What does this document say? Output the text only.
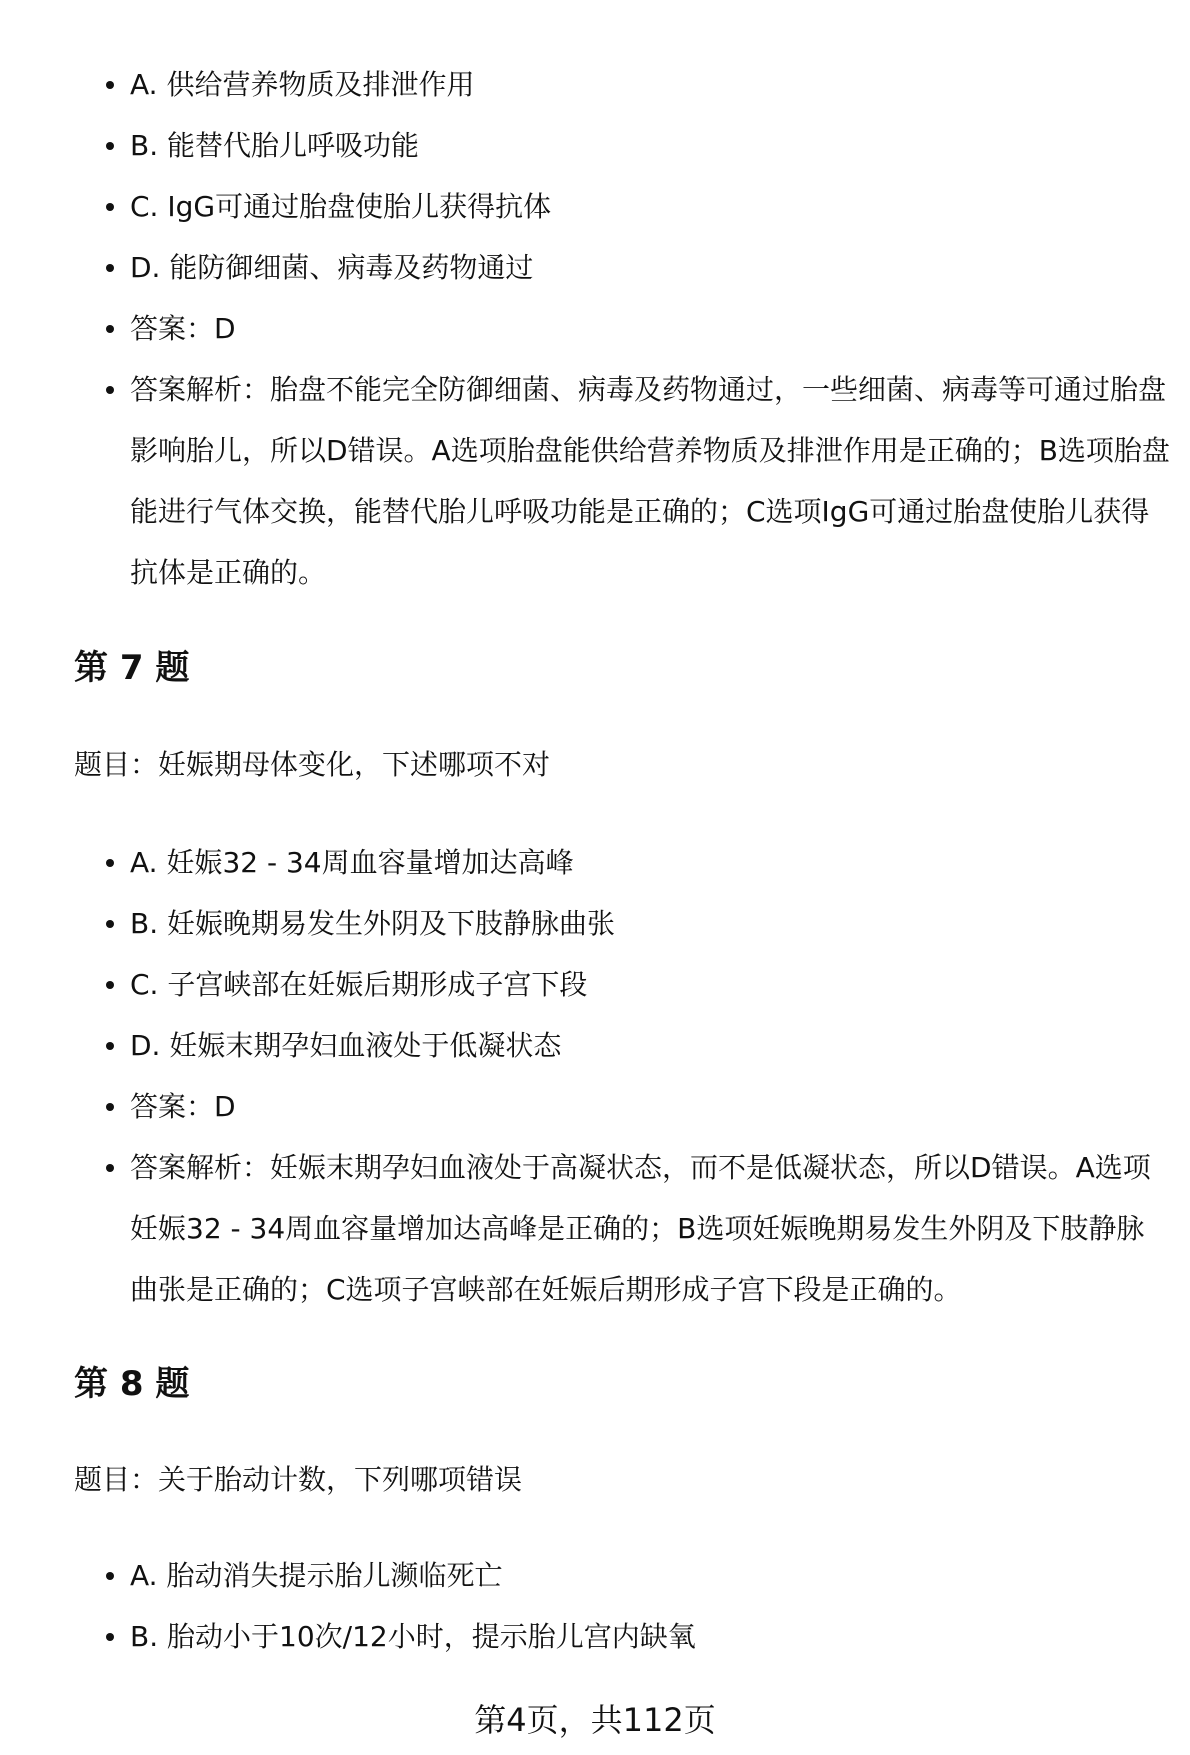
A. 供给营养物质及排泄作用
B. 能替代胎儿呼吸功能
C. IgG可通过胎盘使胎儿获得抗体
D. 能防御细菌、病毒及药物通过
答案：D
答案解析：胎盘不能完全防御细菌、病毒及药物通过，一些细菌、病毒等可通过胎盘影响胎儿，所以D错误。A选项胎盘能供给营养物质及排泄作用是正确的；B选项胎盘能进行气体交换，能替代胎儿呼吸功能是正确的；C选项IgG可通过胎盘使胎儿获得抗体是正确的。
第 7 题

题目：妊娠期母体变化，下述哪项不对

A. 妊娠32 - 34周血容量增加达高峰
B. 妊娠晚期易发生外阴及下肢静脉曲张
C. 子宫峡部在妊娠后期形成子宫下段
D. 妊娠末期孕妇血液处于低凝状态
答案：D
答案解析：妊娠末期孕妇血液处于高凝状态，而不是低凝状态，所以D错误。A选项妊娠32 - 34周血容量增加达高峰是正确的；B选项妊娠晚期易发生外阴及下肢静脉曲张是正确的；C选项子宫峡部在妊娠后期形成子宫下段是正确的。
第 8 题

题目：关于胎动计数，下列哪项错误

A. 胎动消失提示胎儿濒临死亡
B. 胎动小于10次/12小时，提示胎儿宫内缺氧
第4页，共112页
